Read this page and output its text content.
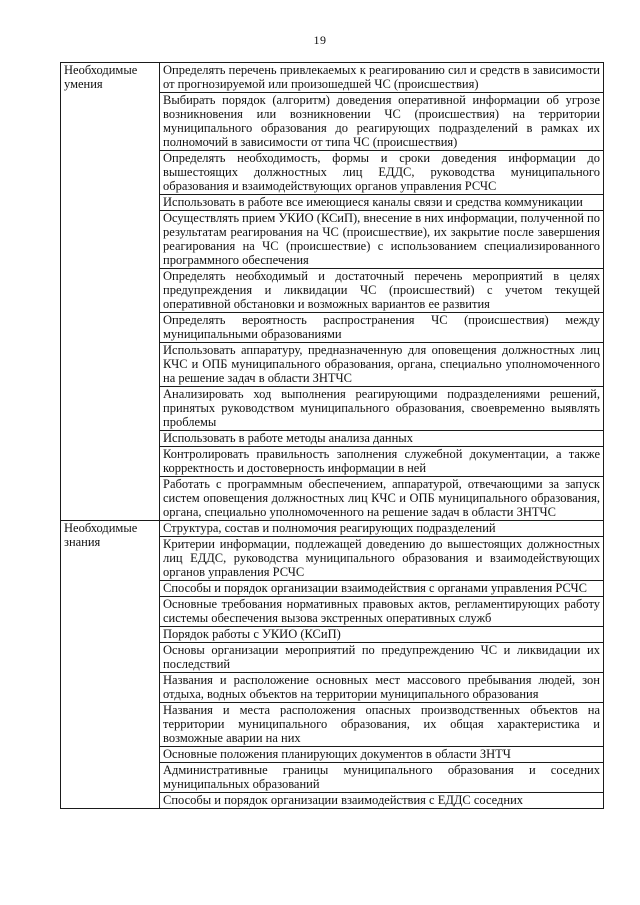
19
Необходимые умения	Определять перечень привлекаемых к реагированию сил и средств в зависимости от прогнозируемой или произошедшей ЧС (происшествия)
	Выбирать порядок (алгоритм) доведения оперативной информации об угрозе возникновения или возникновении ЧС (происшествия) на территории муниципального образования до реагирующих подразделений в рамках их полномочий в зависимости от типа ЧС (происшествия)
	Определять необходимость, формы и сроки доведения информации до вышестоящих должностных лиц ЕДДС, руководства муниципального образования и взаимодействующих органов управления РСЧС
	Использовать в работе все имеющиеся каналы связи и средства коммуникации
	Осуществлять прием УКИО (КСиП), внесение в них информации, полученной по результатам реагирования на ЧС (происшествие), их закрытие после завершения реагирования на ЧС (происшествие) с использованием специализированного программного обеспечения
	Определять необходимый и достаточный перечень мероприятий в целях предупреждения и ликвидации ЧС (происшествий) с учетом текущей оперативной обстановки и возможных вариантов ее развития
	Определять вероятность распространения ЧС (происшествия) между муниципальными образованиями
	Использовать аппаратуру, предназначенную для оповещения должностных лиц КЧС и ОПБ муниципального образования, органа, специально уполномоченного на решение задач в области ЗНТЧС
	Анализировать ход выполнения реагирующими подразделениями решений, принятых руководством муниципального образования, своевременно выявлять проблемы
	Использовать в работе методы анализа данных
	Контролировать правильность заполнения служебной документации, а также корректность и достоверность информации в ней
	Работать с программным обеспечением, аппаратурой, отвечающими за запуск систем оповещения должностных лиц КЧС и ОПБ муниципального образования, органа, специально уполномоченного на решение задач в области ЗНТЧС
Необходимые знания	Структура, состав и полномочия реагирующих подразделений
	Критерии информации, подлежащей доведению до вышестоящих должностных лиц ЕДДС, руководства муниципального образования и взаимодействующих органов управления РСЧС
	Способы и порядок организации взаимодействия с органами управления РСЧС
	Основные требования нормативных правовых актов, регламентирующих работу системы обеспечения вызова экстренных оперативных служб
	Порядок работы с УКИО (КСиП)
	Основы организации мероприятий по предупреждению ЧС и ликвидации их последствий
	Названия и расположение основных мест массового пребывания людей, зон отдыха, водных объектов на территории муниципального образования
	Названия и места расположения опасных производственных объектов на территории муниципального образования, их общая характеристика и возможные аварии на них
	Основные положения планирующих документов в области ЗНТЧ
	Административные границы муниципального образования и соседних муниципальных образований
	Способы и порядок организации взаимодействия с ЕДДС соседних
